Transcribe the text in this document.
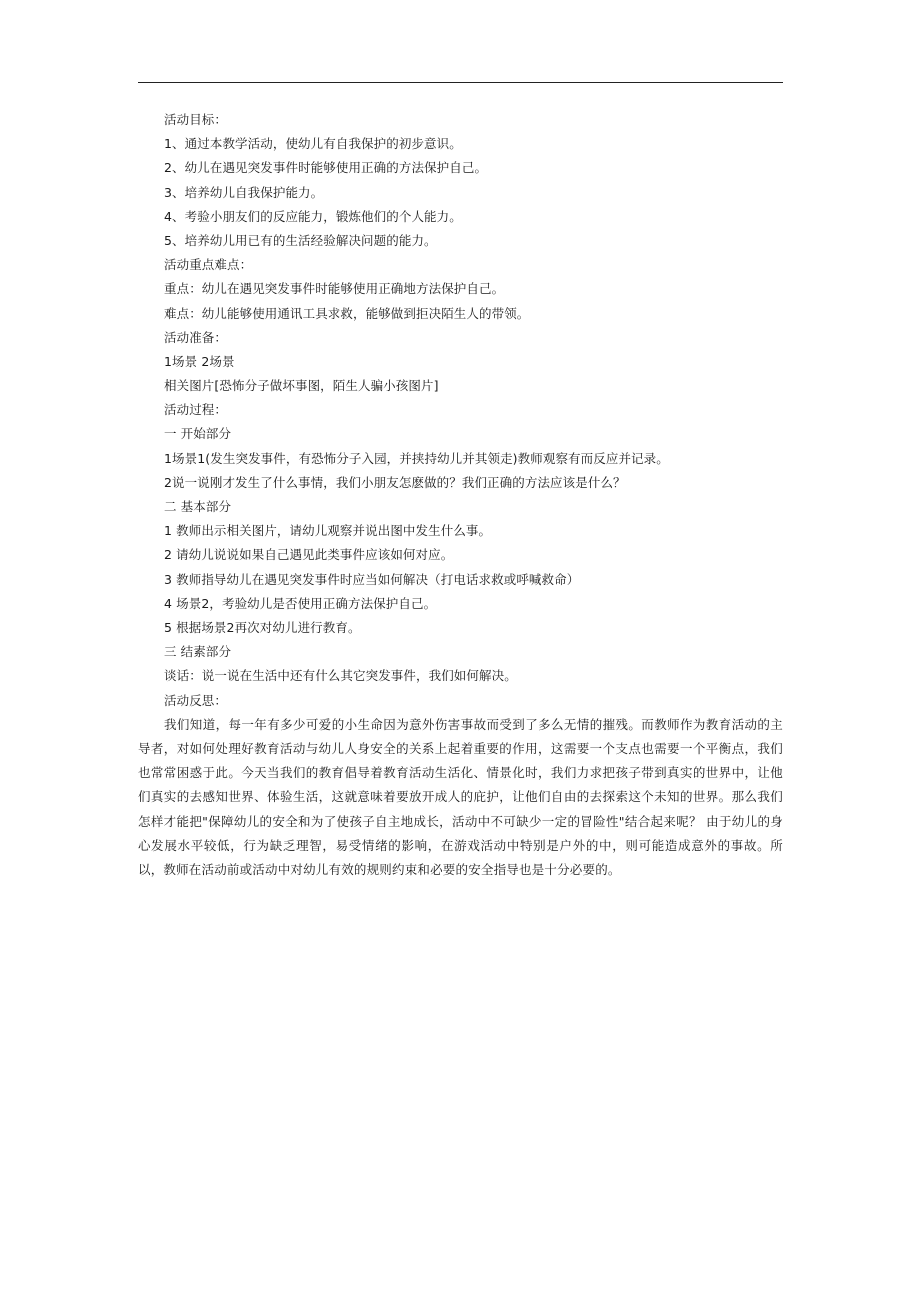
活动目标：
1、通过本教学活动，使幼儿有自我保护的初步意识。
2、幼儿在遇见突发事件时能够使用正确的方法保护自己。
3、培养幼儿自我保护能力。
4、考验小朋友们的反应能力，锻炼他们的个人能力。
5、培养幼儿用已有的生活经验解决问题的能力。
活动重点难点：
重点：幼儿在遇见突发事件时能够使用正确地方法保护自己。
难点：幼儿能够使用通讯工具求救，能够做到拒决陌生人的带领。
活动准备：
1场景 2场景
相关图片[恐怖分子做坏事图，陌生人骗小孩图片]
活动过程：
一 开始部分
1场景1(发生突发事件，有恐怖分子入园，并挟持幼儿并其领走)教师观察有而反应并记录。
2说一说刚才发生了什么事情，我们小朋友怎麽做的？我们正确的方法应该是什么？
二 基本部分
1 教师出示相关图片，请幼儿观察并说出图中发生什么事。
2 请幼儿说说如果自己遇见此类事件应该如何对应。
3 教师指导幼儿在遇见突发事件时应当如何解决（打电话求救或呼喊救命）
4 场景2，考验幼儿是否使用正确方法保护自己。
5 根据场景2再次对幼儿进行教育。
三 结素部分
谈话：说一说在生活中还有什么其它突发事件，我们如何解决。
活动反思：

我们知道，每一年有多少可爱的小生命因为意外伤害事故而受到了多么无情的摧残。而教师作为教育活动的主导者，对如何处理好教育活动与幼儿人身安全的关系上起着重要的作用，这需要一个支点也需要一个平衡点，我们也常常困惑于此。今天当我们的教育倡导着教育活动生活化、情景化时，我们力求把孩子带到真实的世界中，让他们真实的去感知世界、体验生活，这就意味着要放开成人的庇护，让他们自由的去探索这个未知的世界。那么我们怎样才能把"保障幼儿的安全和为了使孩子自主地成长，活动中不可缺少一定的冒险性"结合起来呢？ 由于幼儿的身心发展水平较低，行为缺乏理智，易受情绪的影响，在游戏活动中特别是户外的中，则可能造成意外的事故。所以，教师在活动前或活动中对幼儿有效的规则约束和必要的安全指导也是十分必要的。
